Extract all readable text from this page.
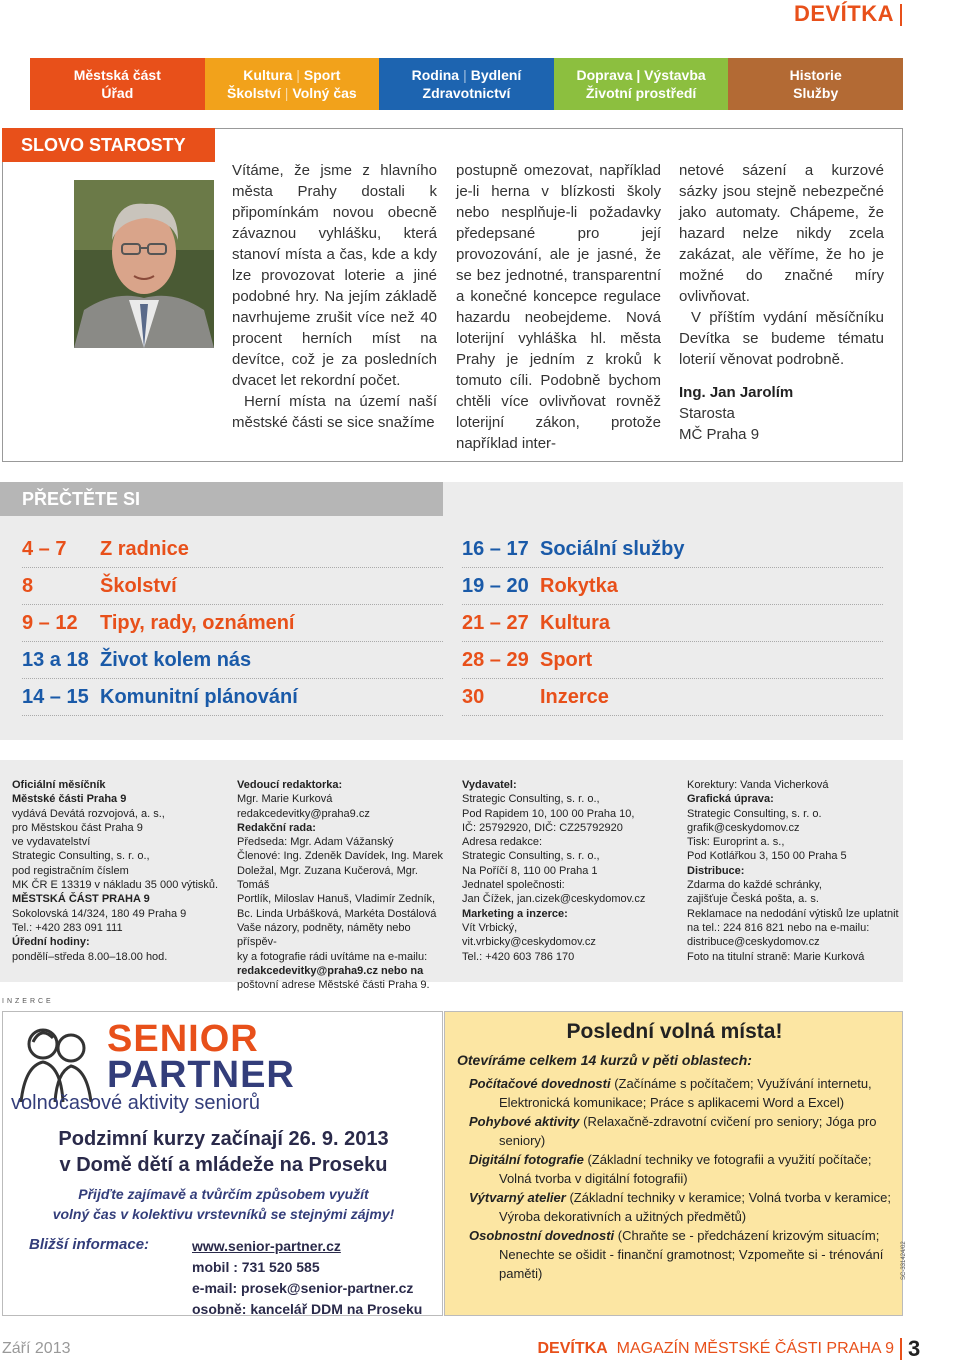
DEVÍTKA
Městská část
Úřad
Kultura | Sport
Školství | Volný čas
Rodina | Bydlení
Zdravotnictví
Doprava | Výstavba
Životní prostředí
Historie
Služby
SLOVO STAROSTY

Vítáme, že jsme z hlavního města Prahy dostali k připomínkám novou obecně závaznou vyhlášku, která stanoví místa a čas, kde a kdy lze provozovat loterie a jiné podobné hry. Na jejím základě navrhujeme zrušit více než 40 procent herních míst na devítce, což je za posledních dvacet let rekordní počet.

Herní místa na území naší městské části se sice snažíme

postupně omezovat, například je-li herna v blízkosti školy nebo nesplňuje-li požadavky předepsané pro její provozování, ale je jasné, že se bez jednotné, transparentní a konečné koncepce regulace hazardu neobejdeme. Nová loterijní vyhláška hl. města Prahy je jedním z kroků k tomuto cíli. Podobně bychom chtěli více ovlivňovat rovněž loterijní zákon, protože například inter-

netové sázení a kurzové sázky jsou stejně nebezpečné jako automaty. Chápeme, že hazard nelze nikdy zcela zakázat, ale věříme, že ho je možné do značné míry ovlivňovat.

V příštím vydání měsíčníku Devítka se budeme tématu loterií věnovat podrobně.

Ing. Jan Jarolím
Starosta
MČ Praha 9

PŘEČTĚTE SI
4 – 7	Z radnice
8	Školství
9 – 12	Tipy, rady, oznámení
13 a 18 Život kolem nás
14 – 15 Komunitní plánování
16 – 17 Sociální služby
19 – 20 Rokytka
21 – 27 Kultura
28 – 29 Sport
30	Inzerce
Oficiální měsíčník
Městské části Praha 9
vydává Devátá rozvojová, a. s.,
pro Městskou část Praha 9
ve vydavatelství
Strategic Consulting, s. r. o.,
pod registračním číslem
MK ČR E 13319 v nákladu 35 000 výtisků.
MĚSTSKÁ ČÁST PRAHA 9
Sokolovská 14/324, 180 49 Praha 9
Tel.: +420 283 091 111
Úřední hodiny:
pondělí–středa 8.00–18.00 hod.
Vedoucí redaktorka:
Mgr. Marie Kurková
redakcedevitky@praha9.cz
Redakční rada:
Předseda: Mgr. Adam Vážanský
Členové: Ing. Zdeněk Davídek, Ing. Marek
Doležal, Mgr. Zuzana Kučerová, Mgr. Tomáš
Portlík, Miloslav Hanuš, Vladimír Zedník,
Bc. Linda Urbášková, Markéta Dostálová
Vaše názory, podněty, náměty nebo příspěv-
ky a fotografie rádi uvítáme na e-mailu:
redakcedevitky@praha9.cz nebo na
poštovní adrese Městské části Praha 9.
Vydavatel:
Strategic Consulting, s. r. o.,
Pod Rapidem 10, 100 00 Praha 10,
IČ: 25792920, DIČ: CZ25792920
Adresa redakce:
Strategic Consulting, s. r. o.,
Na Poříčí 8, 110 00 Praha 1
Jednatel společnosti:
Jan Čížek, jan.cizek@ceskydomov.cz
Marketing a inzerce:
Vít Vrbický,
vit.vrbicky@ceskydomov.cz
Tel.: +420 603 786 170
Korektury: Vanda Vicherková
Grafická úprava:
Strategic Consulting, s. r. o.
grafik@ceskydomov.cz
Tisk: Europrint a. s.,
Pod Kotlářkou 3, 150 00 Praha 5
Distribuce:
Zdarma do každé schránky,
zajišťuje Česká pošta, a. s.
Reklamace na nedodání výtisků lze uplatnit
na tel.: 224 816 821 nebo na e-mailu:
distribuce@ceskydomov.cz
Foto na titulní straně: Marie Kurková
INZERCE
SENIOR
PARTNER
volnočasové aktivity seniorů
Podzimní kurzy začínají 26. 9. 2013
v Domě dětí a mládeže na Proseku
Přijďte zajímavě a tvůrčím způsobem využít
volný čas v kolektivu vrstevníků se stejnými zájmy!
Bližší informace:	www.senior-partner.cz
mobil : 731 520 585
e-mail: prosek@senior-partner.cz
osobně: kancelář DDM na Proseku
Poslední volná místa!
Otevíráme celkem 14 kurzů v pěti oblastech:

Počítačové dovednosti (Začínáme s počítačem; Využívání internetu, Elektronická komunikace; Práce s aplikacemi Word a Excel)

Pohybové aktivity (Relaxačně-zdravotní cvičení pro seniory; Jóga pro seniory)

Digitální fotografie (Základní techniky ve fotografii a využití počítače; Volná tvorba v digitální fotografii)

Výtvarný atelier (Základní techniky v keramice; Volná tvorba v keramice; Výroba dekorativních a užitných předmětů)

Osobnostní dovednosti (Chraňte se - předcházení krizovým situacím; Nenechte se ošidit - finanční gramotnost; Vzpomeňte si - trénování paměti)	SC-331424/02
Září 2013	DEVÍTKA MAGAZÍN MĚSTSKÉ ČÁSTI PRAHA 9 3
